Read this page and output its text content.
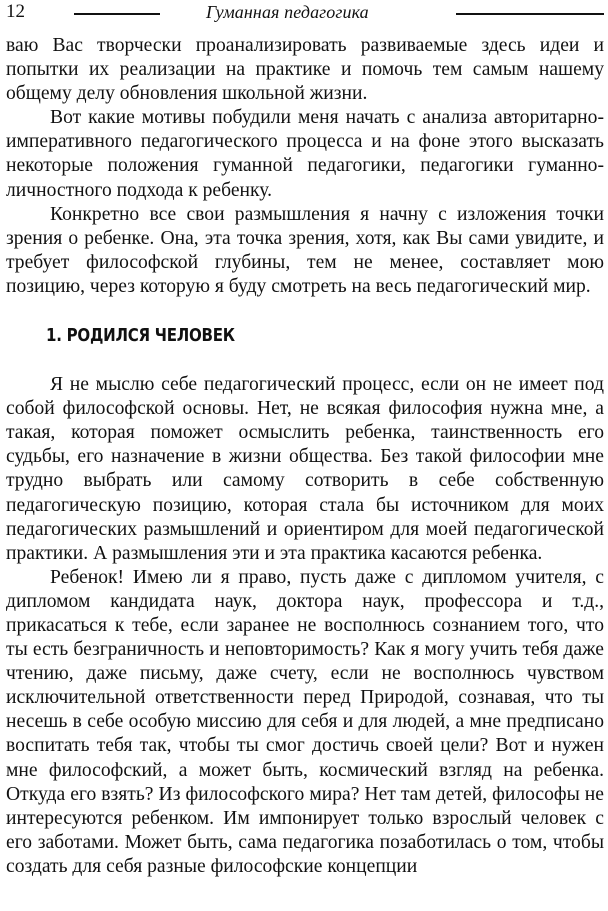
12	Гуманная педагогика

ваю Вас творчески проанализировать развиваемые здесь идеи и попытки их реализации на практике и помочь тем самым нашему общему делу обновления школьной жизни.

Вот какие мотивы побудили меня начать с анализа авторитарно-императивного педагогического процесса и на фоне этого высказать некоторые положения гуманной педагогики, педагогики гуманно-личностного подхода к ребенку.

Конкретно все свои размышления я начну с изложения точки зрения о ребенке. Она, эта точка зрения, хотя, как Вы сами увидите, и требует философской глубины, тем не менее, составляет мою позицию, через которую я буду смотреть на весь педагогический мир.

1. РОДИЛСЯ ЧЕЛОВЕК

Я не мыслю себе педагогический процесс, если он не имеет под собой философской основы. Нет, не всякая философия нужна мне, а такая, которая поможет осмыслить ребенка, таинственность его судьбы, его назначение в жизни общества. Без такой философии мне трудно выбрать или самому сотворить в себе собственную педагогическую позицию, которая стала бы источником для моих педагогических размышлений и ориентиром для моей педагогической практики. А размышления эти и эта практика касаются ребенка.

Ребенок! Имею ли я право, пусть даже с дипломом учителя, с дипломом кандидата наук, доктора наук, профессора и т.д., прикасаться к тебе, если заранее не восполнюсь сознанием того, что ты есть безграничность и неповторимость? Как я могу учить тебя даже чтению, даже письму, даже счету, если не восполнюсь чувством исключительной ответственности перед Природой, сознавая, что ты несешь в себе особую миссию для себя и для людей, а мне предписано воспитать тебя так, чтобы ты смог достичь своей цели? Вот и нужен мне философский, а может быть, космический взгляд на ребенка. Откуда его взять? Из философского мира? Нет там детей, философы не интересуются ребенком. Им импонирует только взрослый человек с его заботами. Может быть, сама педагогика позаботилась о том, чтобы создать для себя разные философские концепции
